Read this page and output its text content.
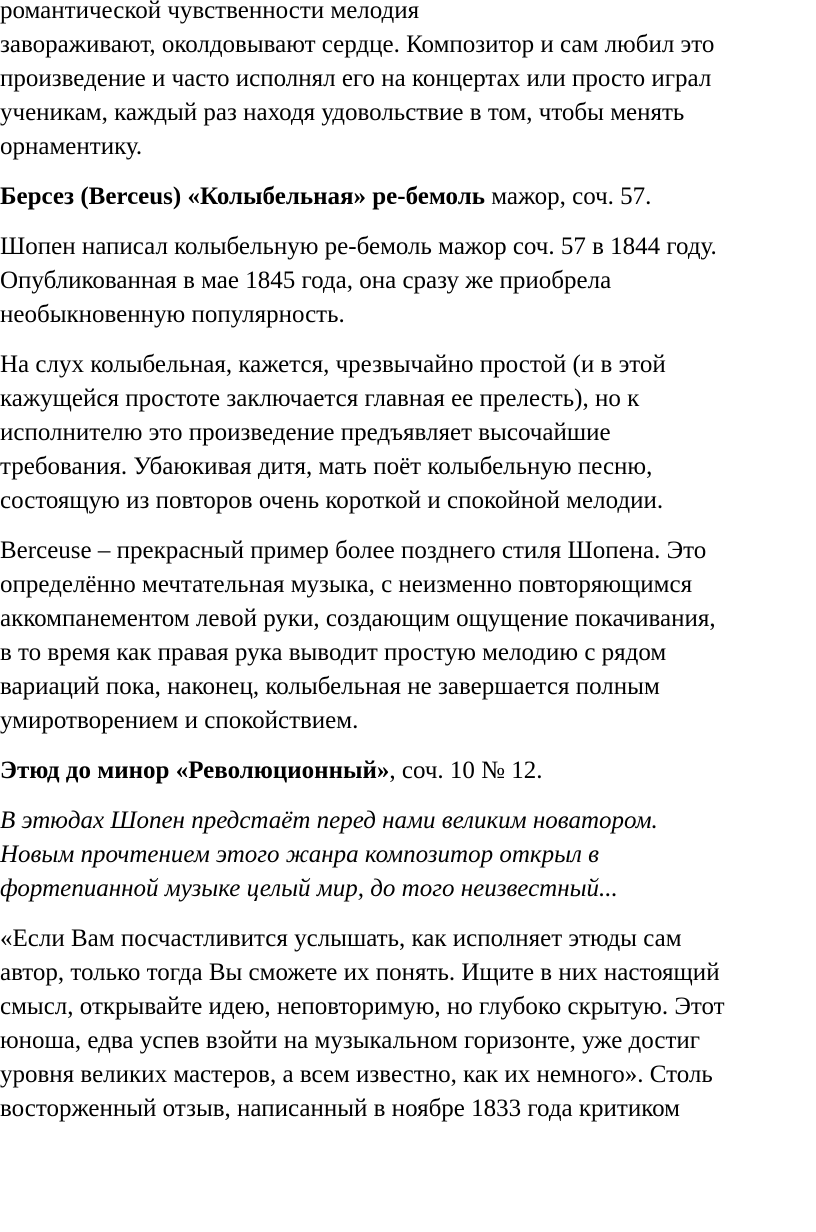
романтической чувственности мелодия
завораживают, околдовывают сердце. Композитор и сам любил это
произведение и часто исполнял его на концертах или просто играл
ученикам, каждый раз находя удовольствие в том, чтобы менять
орнаментику.
Берсез (Berceus) «Колыбельная» ре-бемоль мажор, соч. 57.
Шопен написал колыбельную ре-бемоль мажор соч. 57 в 1844 году.
Опубликованная в мае 1845 года, она сразу же приобрела
необыкновенную популярность.
На слух колыбельная, кажется, чрезвычайно простой (и в этой
кажущейся простоте заключается главная ее прелесть), но к
исполнителю это произведение предъявляет высочайшие
требования. Убаюкивая дитя, мать поёт колыбельную песню,
состоящую из повторов очень короткой и спокойной мелодии.
Berceuse – прекрасный пример более позднего стиля Шопена. Это
определённо мечтательная музыка, с неизменно повторяющимся
аккомпанементом левой руки, создающим ощущение покачивания,
в то время как правая рука выводит простую мелодию с рядом
вариаций пока, наконец, колыбельная не завершается полным
умиротворением и спокойствием.
Этюд до минор «Революционный», соч. 10 № 12.
В этюдах Шопен предстаёт перед нами великим новатором.
Новым прочтением этого жанра композитор открыл в
фортепианной музыке целый мир, до того неизвестный...
«Если Вам посчастливится услышать, как исполняет этюды сам
автор, только тогда Вы сможете их понять. Ищите в них настоящий
смысл, открывайте идею, неповторимую, но глубоко скрытую. Этот
юноша, едва успев взойти на музыкальном горизонте, уже достиг
уровня великих мастеров, а всем известно, как их немного». Столь
восторженный отзыв, написанный в ноябре 1833 года критиком
